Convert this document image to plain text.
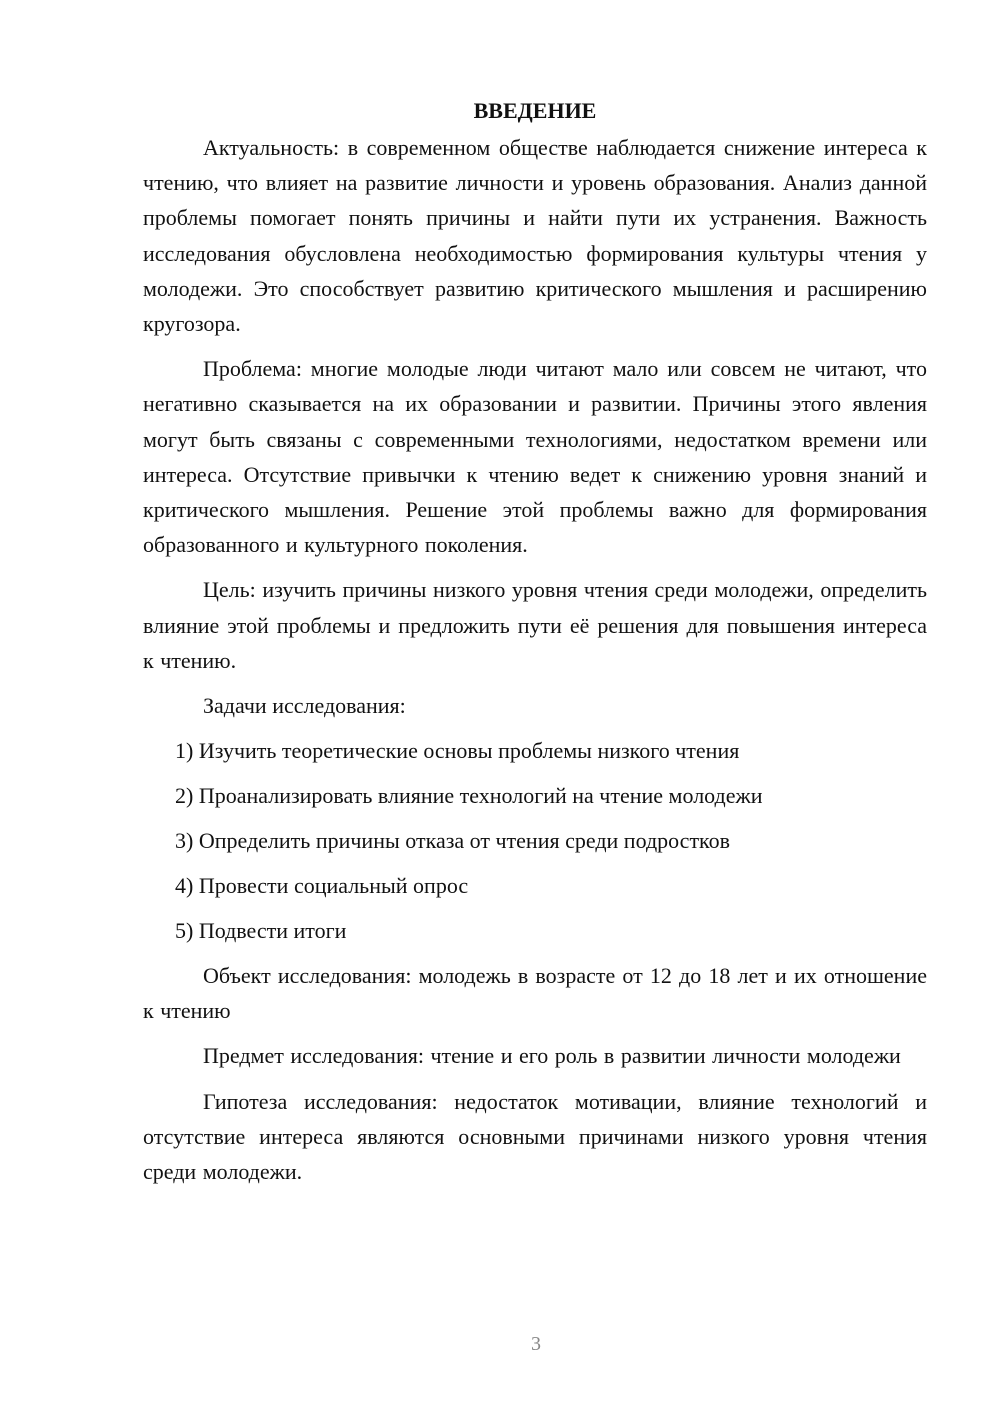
ВВЕДЕНИЕ

Актуальность: в современном обществе наблюдается снижение интереса к чтению, что влияет на развитие личности и уровень образования. Анализ данной проблемы помогает понять причины и найти пути их устранения. Важность исследования обусловлена необходимостью формирования культуры чтения у молодежи. Это способствует развитию критического мышления и расширению кругозора.

Проблема: многие молодые люди читают мало или совсем не читают, что негативно сказывается на их образовании и развитии. Причины этого явления могут быть связаны с современными технологиями, недостатком времени или интереса. Отсутствие привычки к чтению ведет к снижению уровня знаний и критического мышления. Решение этой проблемы важно для формирования образованного и культурного поколения.

Цель: изучить причины низкого уровня чтения среди молодежи, определить влияние этой проблемы и предложить пути её решения для повышения интереса к чтению.

Задачи исследования:

1) Изучить теоретические основы проблемы низкого чтения
2) Проанализировать влияние технологий на чтение молодежи
3) Определить причины отказа от чтения среди подростков
4) Провести социальный опрос
5) Подвести итоги

Объект исследования: молодежь в возрасте от 12 до 18 лет и их отношение к чтению

Предмет исследования: чтение и его роль в развитии личности молодежи

Гипотеза исследования: недостаток мотивации, влияние технологий и отсутствие интереса являются основными причинами низкого уровня чтения среди молодежи.

3
